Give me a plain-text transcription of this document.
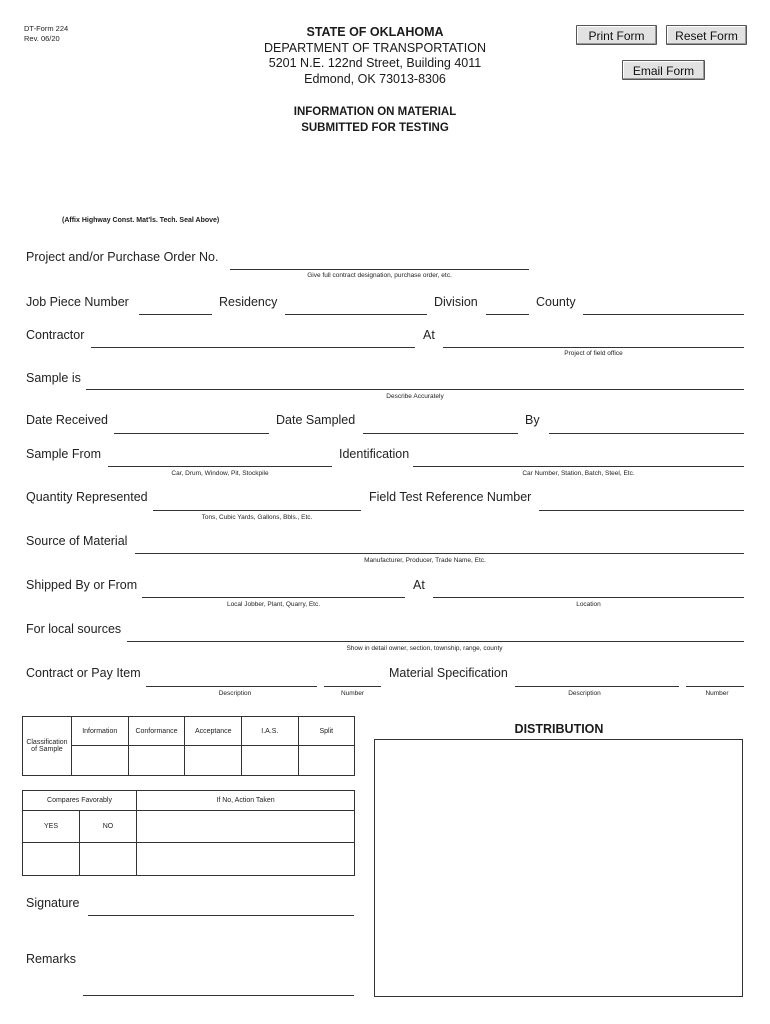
DT-Form 224
Rev. 06/20	STATE OF OKLAHOMA
DEPARTMENT OF TRANSPORTATION
5201 N.E. 122nd Street, Building 4011
Edmond, OK 73013-8306
INFORMATION ON MATERIAL
SUBMITTED FOR TESTING
Print Form	Reset Form
Email Form
(Affix Highway Const. Mat'ls. Tech. Seal Above)
Project and/or Purchase Order No.
Give full contract designation, purchase order, etc.
Job Piece Number	Residency	Division	County
Contractor	At
Project of field office
Sample is
Describe Accurately
Date Received	Date Sampled	By
Sample From
Car, Drum, Window, Pit, Stockpile
Identification
Car Number, Station, Batch, Steel, Etc.
Quantity Represented
Tons, Cubic Yards, Gallons, Bbls., Etc.
Field Test Reference Number
Source of Material
Manufacturer, Producer, Trade Name, Etc.
Shipped By or From
Local Jobber, Plant, Quarry, Etc.
At
Location
For local sources
Show in detail owner, section, township, range, county
Contract or Pay Item
Description	Number
Material Specification
Description	Number
Classification of Sample	Information	Conformance	Acceptance	I.A.S.	Split

Compares Favorably		If No, Action Taken
YES	NO	

DISTRIBUTION
Signature
Remarks
